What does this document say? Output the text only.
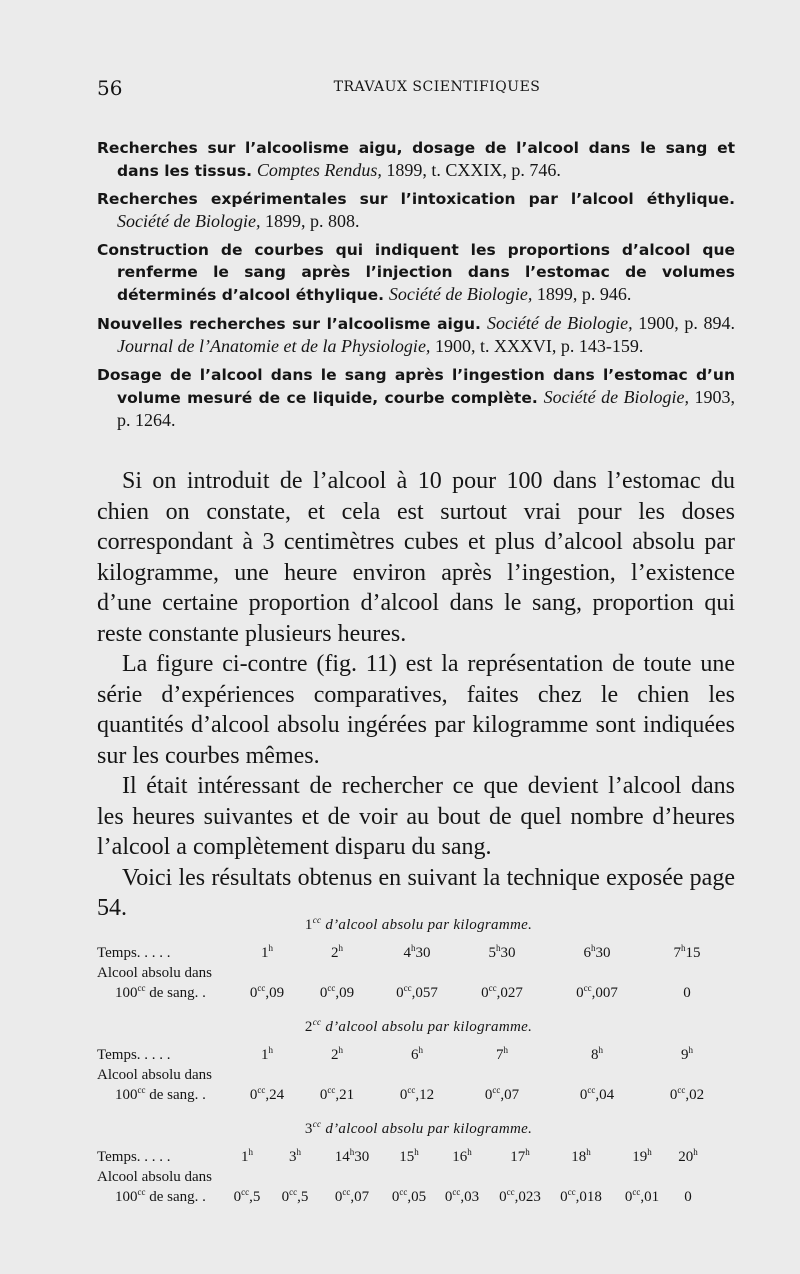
56	TRAVAUX SCIENTIFIQUES

Recherches sur l’alcoolisme aigu, dosage de l’alcool dans le sang et dans les tissus. Comptes Rendus, 1899, t. CXXIX, p. 746.

Recherches expérimentales sur l’intoxication par l’alcool éthylique. Société de Biologie, 1899, p. 808.

Construction de courbes qui indiquent les proportions d’alcool que renferme le sang après l’injection dans l’estomac de volumes déterminés d’alcool éthylique. Société de Biologie, 1899, p. 946.

Nouvelles recherches sur l’alcoolisme aigu. Société de Biologie, 1900, p. 894. Journal de l’Anatomie et de la Physiologie, 1900, t. XXXVI, p. 143-159.

Dosage de l’alcool dans le sang après l’ingestion dans l’estomac d’un volume mesuré de ce liquide, courbe complète. Société de Biologie, 1903, p. 1264.

Si on introduit de l’alcool à 10 pour 100 dans l’estomac du chien on constate, et cela est surtout vrai pour les doses correspondant à 3 centimètres cubes et plus d’alcool absolu par kilogramme, une heure environ après l’ingestion, l’existence d’une certaine proportion d’alcool dans le sang, proportion qui reste constante plusieurs heures.

La figure ci-contre (fig. 11) est la représentation de toute une série d’expériences comparatives, faites chez le chien les quantités d’alcool absolu ingérées par kilogramme sont indiquées sur les courbes mêmes.

Il était intéressant de rechercher ce que devient l’alcool dans les heures suivantes et de voir au bout de quel nombre d’heures l’alcool a complètement disparu du sang.

Voici les résultats obtenus en suivant la technique exposée page 54.

$1^{cc}$ d’alcool absolu par kilogramme.
Temps. . . . .	1$^h$	2$^h$	4$^h$30	5$^h$30	6$^h$30	7$^h$15
Alcool absolu dans
$100^{cc}$ de sang. .	$0^{cc},09$	$0^{cc},09$	$0^{cc},057$	$0^{cc},027$	$0^{cc},007$	0
$2^{cc}$ d’alcool absolu par kilogramme.
Temps. . . . .	1$^h$	2$^h$	6$^h$	7$^h$	8$^h$	9$^h$
Alcool absolu dans
$100^{cc}$ de sang. .	$0^{cc},24$	$0^{cc},21$	$0^{cc},12$	$0^{cc},07$	$0^{cc},04$	$0^{cc},02$
$3^{cc}$ d’alcool absolu par kilogramme.
Temps. . . . .	1$^h$	3$^h$	14$^h$30	15$^h$	16$^h$	17$^h$	18$^h$	19$^h$	20$^h$
Alcool absolu dans
$100^{cc}$ de sang. .	$0^{cc},5$	$0^{cc},5$	$0^{cc},07$	$0^{cc},05$	$0^{cc},03$	$0^{cc},023$	$0^{cc},018$	$0^{cc},01$	0
